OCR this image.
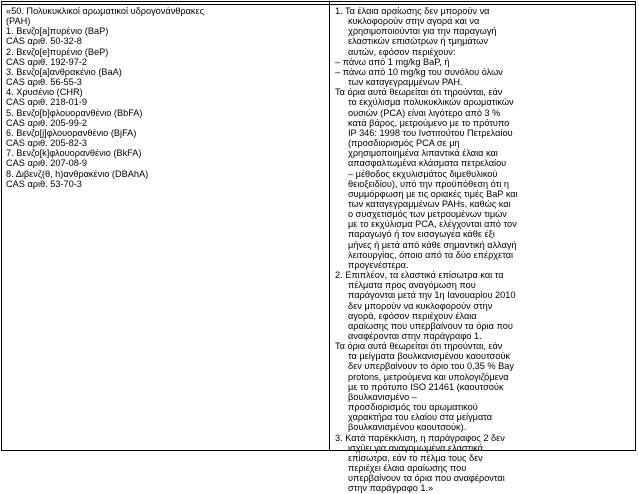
«50. Πολυκυκλικοί αρωματικοί υδρογονάνθρακες
(PAH)
1. Βενζο[a]πυρένιο (BaP)
CAS αριθ. 50-32-8
2. Βενζο[e]πυρένιο (BeP)
CAS αριθ. 192-97-2
3. Βενζο[a]ανθρακένιο (BaA)
CAS αριθ. 56-55-3
4. Χρυσένιο (CHR)
CAS αριθ. 218-01-9
5. Βενζο[b]φλουορανθένιο (BbFA)
CAS αριθ. 205-99-2
6. Βενζο[j]φλουορανθένιο (BjFA)
CAS αριθ. 205-82-3
7. Βενζο[k]φλουορανθένιο (BkFA)
CAS αριθ. 207-08-9
8. Διβενζ(θ, h)ανθρακένιο (DBAhA)
CAS αριθ. 53-70-3
1. Τα έλαια αραίωσης δεν μπορούν να
κυκλοφορούν στην αγορά και να
χρησιμοποιούνται για την παραγωγή
ελαστικών επισώτρων ή τμημάτων
αυτών, εφόσον περιέχουν:
– πάνω από 1 mg/kg BaP, ή
– πάνω από 10 mg/kg του συνόλου όλων
των καταγεγραμμένων PAH.
Τα όρια αυτά θεωρείται ότι τηρούνται, εάν
το εκχύλισμα πολυκυκλικών αρωματικών
ουσιών (PCA) είναι λιγότερο από 3 %
κατά βάρος, μετρούμενο με το πρότυπο
IP 346: 1998 του Ινστιτούτου Πετρελαίου
(προσδιορισμός PCA σε μη
χρησιμοποιημένα λιπαντικά έλαια και
απασφαλτωμένα κλάσματα πετρελαίου
– μέθοδος εκχυλισμάτος διμεθυλικού
θειοξειδίου), υπό την προϋπόθεση ότι η
συμμόρφωση με τις οριακές τιμές BaP και
των καταγεγραμμένων PAHs, καθώς και
ο συσχετισμός των μετρουμένων τιμών
με το εκχύλισμα PCA, ελέγχονται από τον
παραγωγό ή τον εισαγωγέα κάθε έξι
μήνες ή μετά από κάθε σημαντική αλλαγή
λειτουργίας, όποιο από τα δύο επέρχεται
προγενέστερα.
2. Επιπλέον, τα ελαστικά επίσωτρα και τα
πέλματα προς αναγόμωση που
παράγονται μετά την 1η Ιανουαρίου 2010
δεν μπορούν να κυκλοφορούν στην
αγορά, εφόσον περιέχουν έλαια
αραίωσης που υπερβαίνουν τα όρια που
αναφέρονται στην παράγραφο 1.
Τα όρια αυτά θεωρείται ότι τηρούνται, εάν
τα μείγματα βουλκανισμένου καουτσούκ
δεν υπερβαίνουν το όριο του 0,35 % Bay
protons, μετρούμενα και υπολογιζόμενα
με το πρότυπο ISO 21461 (καουτσούκ
βουλκανισμένο –
προσδιορισμός του αρωματικού
χαρακτήρα του ελαίου στα μείγματα
βουλκανισμένου καουτσούκ).
3. Κατά παρέκκλιση, η παράγραφος 2 δεν
ισχύει για αναγομωμένα ελαστικά
επίσωτρα, εάν το πέλμα τους δεν
περιέχει έλαια αραίωσης που
υπερβαίνουν τα όρια που αναφέρονται
στην παράγραφο 1.»
